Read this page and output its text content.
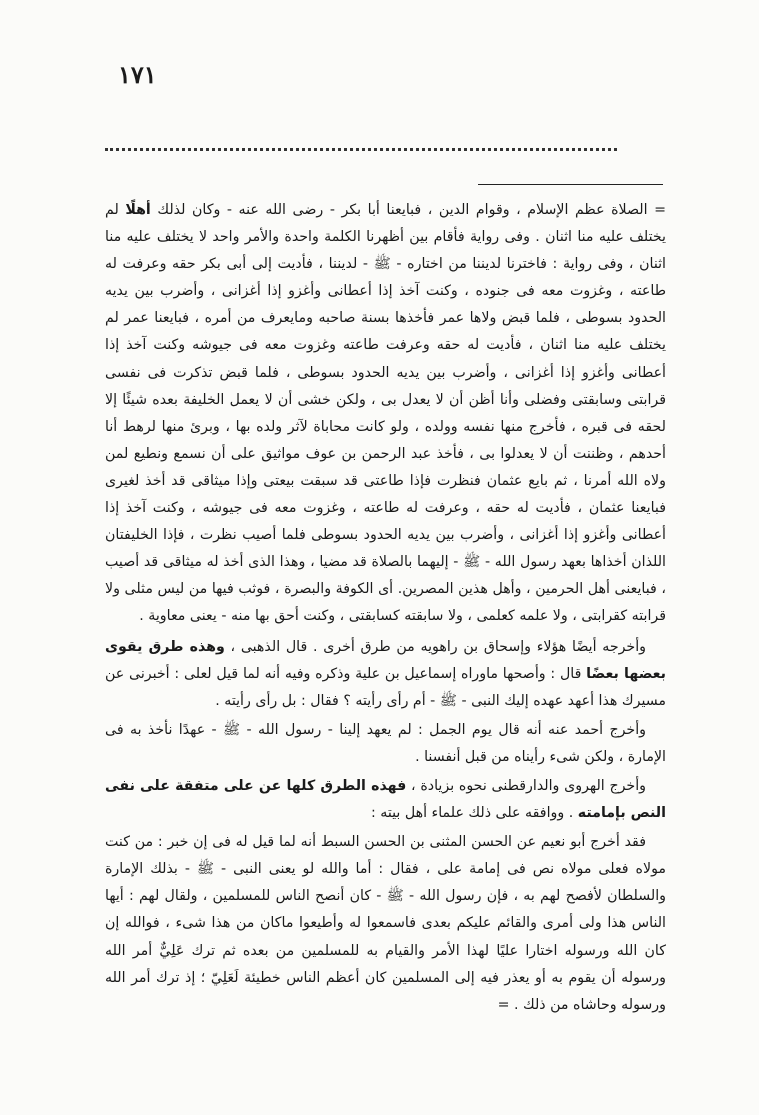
١٧١

= الصلاة عظم الإسلام ، وقوام الدين ، فبايعنا أبا بكر - رضى الله عنه - وكان لذلك أهلًا لم يختلف عليه منا اثنان . وفى رواية فأقام بين أظهرنا الكلمة واحدة والأمر واحد لا يختلف عليه منا اثنان ، وفى رواية : فاخترنا لديننا من اختاره - ﷺ - لديننا ، فأديت إلى أبى بكر حقه وعرفت له طاعته ، وغزوت معه فى جنوده ، وكنت آخذ إذا أعطانى وأغزو إذا أغزانى ، وأضرب بين يديه الحدود بسوطى ، فلما قبض ولاها عمر فأخذها بسنة صاحبه ومايعرف من أمره ، فبايعنا عمر لم يختلف عليه منا اثنان ، فأديت له حقه وعرفت طاعته وغزوت معه فى جيوشه وكنت آخذ إذا أعطانى وأغزو إذا أغزانى ، وأضرب بين يديه الحدود بسوطى ، فلما قبض تذكرت فى نفسى قرابتى وسابقتى وفضلى وأنا أظن أن لا يعدل بى ، ولكن خشى أن لا يعمل الخليفة بعده شيئًا إلا لحقه فى قبره ، فأخرج منها نفسه وولده ، ولو كانت محاباة لآثر ولده بها ، وبرئ منها لرهط أنا أحدهم ، وظننت أن لا يعدلوا بى ، فأخذ عبد الرحمن بن عوف مواثيق على أن نسمع ونطيع لمن ولاه الله أمرنا ، ثم بايع عثمان فنظرت فإذا طاعتى قد سبقت بيعتى وإذا ميثاقى قد أخذ لغيرى فبايعنا عثمان ، فأديت له حقه ، وعرفت له طاعته ، وغزوت معه فى جيوشه ، وكنت آخذ إذا أعطانى وأغزو إذا أغزانى ، وأضرب بين يديه الحدود بسوطى فلما أصيب نظرت ، فإذا الخليفتان اللذان أخذاها بعهد رسول الله - ﷺ - إليهما بالصلاة قد مضيا ، وهذا الذى أخذ له ميثاقى قد أصيب ، فبايعنى أهل الحرمين ، وأهل هذين المصرين. أى الكوفة والبصرة ، فوثب فيها من ليس مثلى ولا قرابته كقرابتى ، ولا علمه كعلمى ، ولا سابقته كسابقتى ، وكنت أحق بها منه - يعنى معاوية .

وأخرجه أيضًا هؤلاء وإسحاق بن راهويه من طرق أخرى . قال الذهبى ، وهذه طرق يقوى بعضها بعضًا قال : وأصحها ماوراه إسماعيل بن علية وذكره وفيه أنه لما قيل لعلى : أخبرنى عن مسيرك هذا أعهد عهده إليك النبى - ﷺ - أم رأى رأيته ؟ فقال : بل رأى رأيته .

وأخرج أحمد عنه أنه قال يوم الجمل : لم يعهد إلينا - رسول الله - ﷺ - عهدًا نأخذ به فى الإمارة ، ولكن شىء رأيناه من قبل أنفسنا .

وأخرج الهروى والدارقطنى نحوه بزيادة ، فهذه الطرق كلها عن على متفقة على نفى النص بإمامته . ووافقه على ذلك علماء أهل بيته :

فقد أخرج أبو نعيم عن الحسن المثنى بن الحسن السبط أنه لما قيل له فى إن خبر : من كنت مولاه فعلى مولاه نص فى إمامة على ، فقال : أما والله لو يعنى النبى - ﷺ - بذلك الإمارة والسلطان لأفصح لهم به ، فإن رسول الله - ﷺ - كان أنصح الناس للمسلمين ، ولقال لهم : أيها الناس هذا ولى أمرى والقائم عليكم بعدى فاسمعوا له وأطيعوا ماكان من هذا شىء ، فوالله إن كان الله ورسوله اختارا عليًا لهذا الأمر والقيام به للمسلمين من بعده ثم ترك عَلِيٌّ أمر الله ورسوله أن يقوم به أو يعذر فيه إلى المسلمين كان أعظم الناس خطيئة لَعَلِيّ ؛ إذ ترك أمر الله ورسوله وحاشاه من ذلك . =
